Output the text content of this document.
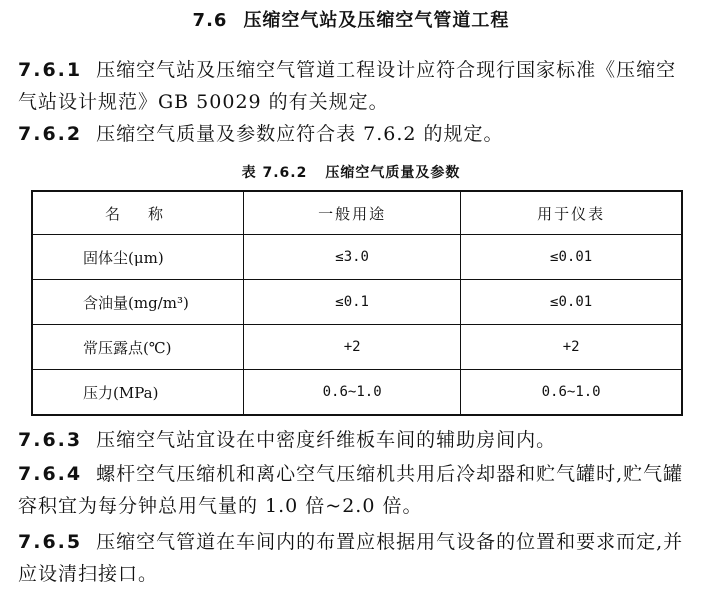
7.6 压缩空气站及压缩空气管道工程
7.6.1 压缩空气站及压缩空气管道工程设计应符合现行国家标准《压缩空气站设计规范》GB 50029 的有关规定。
7.6.2 压缩空气质量及参数应符合表 7.6.2 的规定。
表 7.6.2 压缩空气质量及参数
名称	一般用途	用于仪表
固体尘(μm)	≤3.0	≤0.01
含油量(mg/m³)	≤0.1	≤0.01
常压露点(℃)	+2	+2
压力(MPa)	0.6~1.0	0.6~1.0
7.6.3 压缩空气站宜设在中密度纤维板车间的辅助房间内。
7.6.4 螺杆空气压缩机和离心空气压缩机共用后冷却器和贮气罐时,贮气罐容积宜为每分钟总用气量的 1.0 倍~2.0 倍。
7.6.5 压缩空气管道在车间内的布置应根据用气设备的位置和要求而定,并应设清扫接口。
